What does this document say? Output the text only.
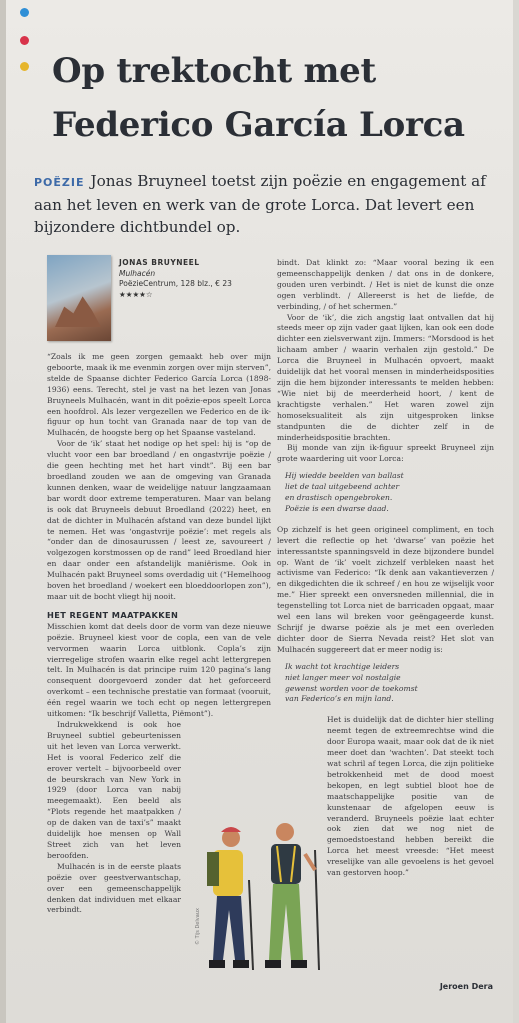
Op trektocht met
Federico García Lorca
POËZIE Jonas Bruyneel toetst zijn poëzie en engagement af aan het leven en werk van de grote Lorca. Dat levert een bijzondere dichtbundel op.
JONAS BRUYNEEL
Mulhacén
PoëzieCentrum, 128 blz., € 23
★★★★☆

“Zoals ik me geen zorgen gemaakt heb over mijn geboorte, maak ik me evenmin zorgen over mijn sterven”, stelde de Spaanse dichter Federico García Lorca (1898-1936) eens. Terecht, stel je vast na het lezen van Jonas Bruyneels Mulhacén, want in dit poëzie-epos speelt Lorca een hoofdrol. Als lezer vergezellen we Federico en de ik-figuur op hun tocht van Granada naar de top van de Mulhacén, de hoogste berg op het Spaanse vasteland.

Voor de ‘ik’ staat het nodige op het spel: hij is “op de vlucht voor een bar broedland / en ongastvrije poëzie / die geen hechting met het hart vindt”. Bij een bar broedland zouden we aan de omgeving van Granada kunnen denken, waar de weidelijge natuur langzaamaan bar wordt door extreme temperaturen. Maar van belang is ook dat Bruyneels debuut Broedland (2022) heet, en dat de dichter in Mulhacén afstand van deze bundel lijkt te nemen. Het was ‘ongastvrije poëzie’: met regels als “onder dan de dinosaurussen / leest ze, savoureert / volgezogen korstmossen op de rand” leed Broedland hier en daar onder een afstandelijk maniërisme. Ook in Mulhacén pakt Bruyneel soms overdadig uit (“Hemelhoog boven het broedland / woekert een bloeddoorlopen zon”), maar uit de bocht vliegt hij nooit.

HET REGENT MAATPAKKEN

Misschien komt dat deels door de vorm van deze nieuwe poëzie. Bruyneel kiest voor de copla, een van de vele vervormen waarin Lorca uitblonk. Copla’s zijn vierregelige strofen waarin elke regel acht lettergrepen telt. In Mulhacén is dat principe ruim 120 pagina’s lang consequent doorgevoerd zonder dat het geforceerd overkomt – een technische prestatie van formaat (vooruit, één regel waarin we toch echt op negen lettergrepen uitkomen: “Ik beschrijf Valletta, Piëmont”).

Indrukwekkend is ook hoe Bruyneel subtiel gebeurtenissen uit het leven van Lorca verwerkt. Het is vooral Federico zelf die erover vertelt – bijvoorbeeld over de beurskrach van New York in 1929 (door Lorca van nabij meegemaakt). Een beeld als “Plots regende het maatpakken / op de daken van de taxi’s” maakt duidelijk hoe mensen op Wall Street zich van het leven beroofden.

Mulhacén is in de eerste plaats poëzie over geestverwantschap, over een gemeenschappelijk denken dat individuen met elkaar verbindt.

bindt. Dat klinkt zo: “Maar vooral bezing ik een gemeenschappelijk denken / dat ons in de donkere, gouden uren verbindt. / Het is niet de kunst die onze ogen verblindt. / Allereerst is het de liefde, de verbinding, / of het schermen.”

Voor de ‘ik’, die zich angstig laat ontvallen dat hij steeds meer op zijn vader gaat lijken, kan ook een dode dichter een zielsverwant zijn. Immers: “Morsdood is het lichaam amber / waarin verhalen zijn gestold.” De Lorca die Bruyneel in Mulhacén opvoert, maakt duidelijk dat het vooral mensen in minderheidsposities zijn die hem bijzonder interessants te melden hebben: “Wie niet bij de meerderheid hoort, / kent de krachtigste verhalen.” Het waren zowel zijn homoseksualiteit als zijn uitgesproken linkse standpunten die de dichter zelf in de minderheidspositie brachten.

Bij monde van zijn ik-figuur spreekt Bruyneel zijn grote waardering uit voor Lorca:

Hij wiedde beelden van ballast
liet de taal uitgebeend achter
en drastisch opengebroken.
Poëzie is een dwarse daad.

Op zichzelf is het geen origineel compliment, en toch levert die reflectie op het ‘dwarse’ van poëzie het interessantste spanningsveld in deze bijzondere bundel op. Want de ‘ik’ voelt zichzelf verbleken naast het activisme van Federico: “Ik denk aan vakantieverzen / en dikgedichten die ik schreef / en hou ze wijselijk voor me.” Hier spreekt een onversneden millennial, die in tegenstelling tot Lorca niet de barricaden opgaat, maar wel een lans wil breken voor geëngageerde kunst. Schrijf je dwarse poëzie als je met een overleden dichter door de Sierra Nevada reist? Het slot van Mulhacén suggereert dat er meer nodig is:

Ik wacht tot krachtige leiders
niet langer meer vol nostalgie
gewenst worden voor de toekomst
van Federico’s en mijn land.

Het is duidelijk dat de dichter hier stelling neemt tegen de extreemrechtse wind die door Europa waait, maar ook dat de ik niet meer doet dan ‘wachten’. Dat steekt toch wat schril af tegen Lorca, die zijn politieke betrokkenheid met de dood moest bekopen, en legt subtiel bloot hoe de maatschappelijke positie van de kunstenaar de afgelopen eeuw is veranderd. Bruyneels poëzie laat echter ook zien dat we nog niet de gemoedstoestand hebben bereikt die Lorca het meest vreesde: “Het meest vreselijke van alle gevoelens is het gevoel van gestorven hoop.”

© Tijs Delvaux
Jeroen Dera
